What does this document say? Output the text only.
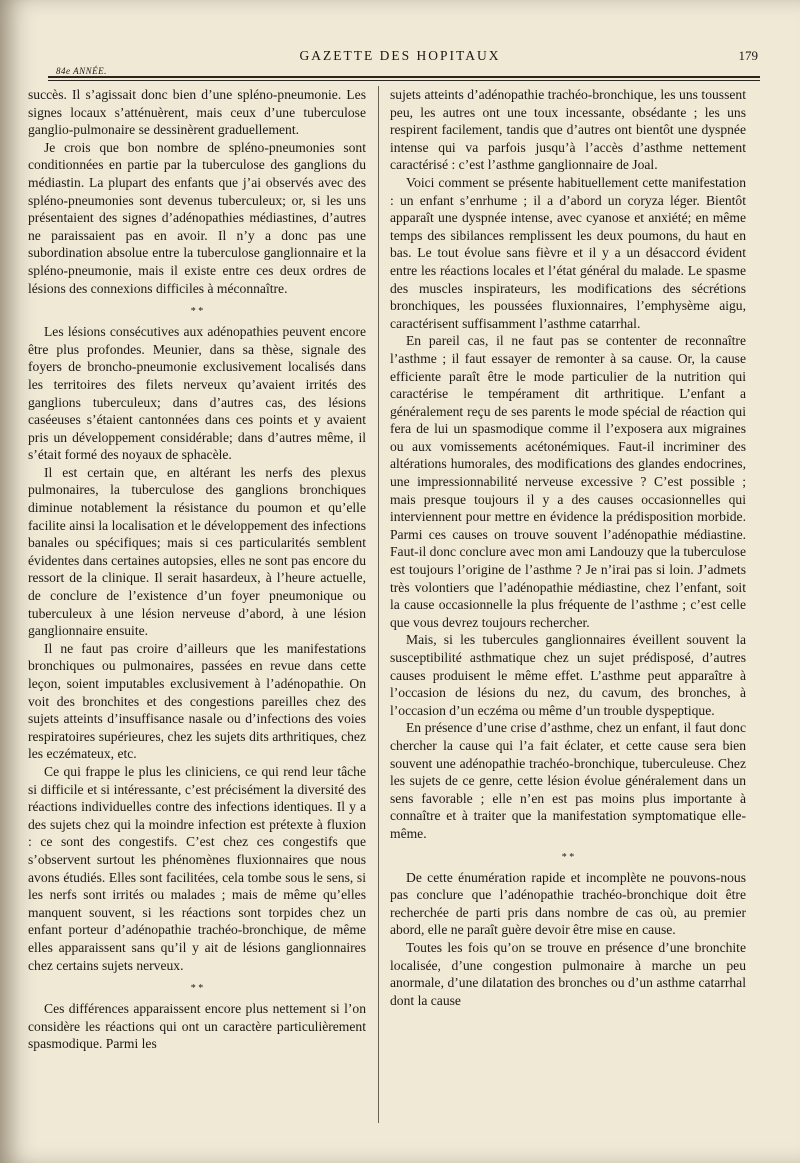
GAZETTE DES HOPITAUX	179
84e ANNÉE.

succès. Il s’agissait donc bien d’une spléno-pneumonie. Les signes locaux s’atténuèrent, mais ceux d’une tuberculose ganglio-pulmonaire se dessinèrent graduellement.

Je crois que bon nombre de spléno-pneumonies sont conditionnées en partie par la tuberculose des ganglions du médiastin. La plupart des enfants que j’ai observés avec des spléno-pneumonies sont devenus tuberculeux; or, si les uns présentaient des signes d’adénopathies médiastines, d’autres ne paraissaient pas en avoir. Il n’y a donc pas une subordination absolue entre la tuberculose ganglionnaire et la spléno-pneumonie, mais il existe entre ces deux ordres de lésions des connexions difficiles à méconnaître.

* *

Les lésions consécutives aux adénopathies peuvent encore être plus profondes. Meunier, dans sa thèse, signale des foyers de broncho-pneumonie exclusivement localisés dans les territoires des filets nerveux qu’avaient irrités des ganglions tuberculeux; dans d’autres cas, des lésions caséeuses s’étaient cantonnées dans ces points et y avaient pris un développement considérable; dans d’autres même, il s’était formé des noyaux de sphacèle.

Il est certain que, en altérant les nerfs des plexus pulmonaires, la tuberculose des ganglions bronchiques diminue notablement la résistance du poumon et qu’elle facilite ainsi la localisation et le développement des infections banales ou spécifiques; mais si ces particularités semblent évidentes dans certaines autopsies, elles ne sont pas encore du ressort de la clinique. Il serait hasardeux, à l’heure actuelle, de conclure de l’existence d’un foyer pneumonique ou tuberculeux à une lésion nerveuse d’abord, à une lésion ganglionnaire ensuite.

Il ne faut pas croire d’ailleurs que les manifestations bronchiques ou pulmonaires, passées en revue dans cette leçon, soient imputables exclusivement à l’adénopathie. On voit des bronchites et des congestions pareilles chez des sujets atteints d’insuffisance nasale ou d’infections des voies respiratoires supérieures, chez les sujets dits arthritiques, chez les eczémateux, etc.

Ce qui frappe le plus les cliniciens, ce qui rend leur tâche si difficile et si intéressante, c’est précisément la diversité des réactions individuelles contre des infections identiques. Il y a des sujets chez qui la moindre infection est prétexte à fluxion : ce sont des congestifs. C’est chez ces congestifs que s’observent surtout les phénomènes fluxionnaires que nous avons étudiés. Elles sont facilitées, cela tombe sous le sens, si les nerfs sont irrités ou malades ; mais de même qu’elles manquent souvent, si les réactions sont torpides chez un enfant porteur d’adénopathie trachéo-bronchique, de même elles apparaissent sans qu’il y ait de lésions ganglionnaires chez certains sujets nerveux.

* *

Ces différences apparaissent encore plus nettement si l’on considère les réactions qui ont un caractère particulièrement spasmodique. Parmi les

sujets atteints d’adénopathie trachéo-bronchique, les uns toussent peu, les autres ont une toux incessante, obsédante ; les uns respirent facilement, tandis que d’autres ont bientôt une dyspnée intense qui va parfois jusqu’à l’accès d’asthme nettement caractérisé : c’est l’asthme ganglionnaire de Joal.

Voici comment se présente habituellement cette manifestation : un enfant s’enrhume ; il a d’abord un coryza léger. Bientôt apparaît une dyspnée intense, avec cyanose et anxiété; en même temps des sibilances remplissent les deux poumons, du haut en bas. Le tout évolue sans fièvre et il y a un désaccord évident entre les réactions locales et l’état général du malade. Le spasme des muscles inspirateurs, les modifications des sécrétions bronchiques, les poussées fluxionnaires, l’emphysème aigu, caractérisent suffisamment l’asthme catarrhal.

En pareil cas, il ne faut pas se contenter de reconnaître l’asthme ; il faut essayer de remonter à sa cause. Or, la cause efficiente paraît être le mode particulier de la nutrition qui caractérise le tempérament dit arthritique. L’enfant a généralement reçu de ses parents le mode spécial de réaction qui fera de lui un spasmodique comme il l’exposera aux migraines ou aux vomissements acétonémiques. Faut-il incriminer des altérations humorales, des modifications des glandes endocrines, une impressionnabilité nerveuse excessive ? C’est possible ; mais presque toujours il y a des causes occasionnelles qui interviennent pour mettre en évidence la prédisposition morbide. Parmi ces causes on trouve souvent l’adénopathie médiastine. Faut-il donc conclure avec mon ami Landouzy que la tuberculose est toujours l’origine de l’asthme ? Je n’irai pas si loin. J’admets très volontiers que l’adénopathie médiastine, chez l’enfant, soit la cause occasionnelle la plus fréquente de l’asthme ; c’est celle que vous devrez toujours rechercher.

Mais, si les tubercules ganglionnaires éveillent souvent la susceptibilité asthmatique chez un sujet prédisposé, d’autres causes produisent le même effet. L’asthme peut apparaître à l’occasion de lésions du nez, du cavum, des bronches, à l’occasion d’un eczéma ou même d’un trouble dyspeptique.

En présence d’une crise d’asthme, chez un enfant, il faut donc chercher la cause qui l’a fait éclater, et cette cause sera bien souvent une adénopathie trachéo-bronchique, tuberculeuse. Chez les sujets de ce genre, cette lésion évolue généralement dans un sens favorable ; elle n’en est pas moins plus importante à connaître et à traiter que la manifestation symptomatique elle-même.

* *

De cette énumération rapide et incomplète ne pouvons-nous pas conclure que l’adénopathie trachéo-bronchique doit être recherchée de parti pris dans nombre de cas où, au premier abord, elle ne paraît guère devoir être mise en cause.

Toutes les fois qu’on se trouve en présence d’une bronchite localisée, d’une congestion pulmonaire à marche un peu anormale, d’une dilatation des bronches ou d’un asthme catarrhal dont la cause
